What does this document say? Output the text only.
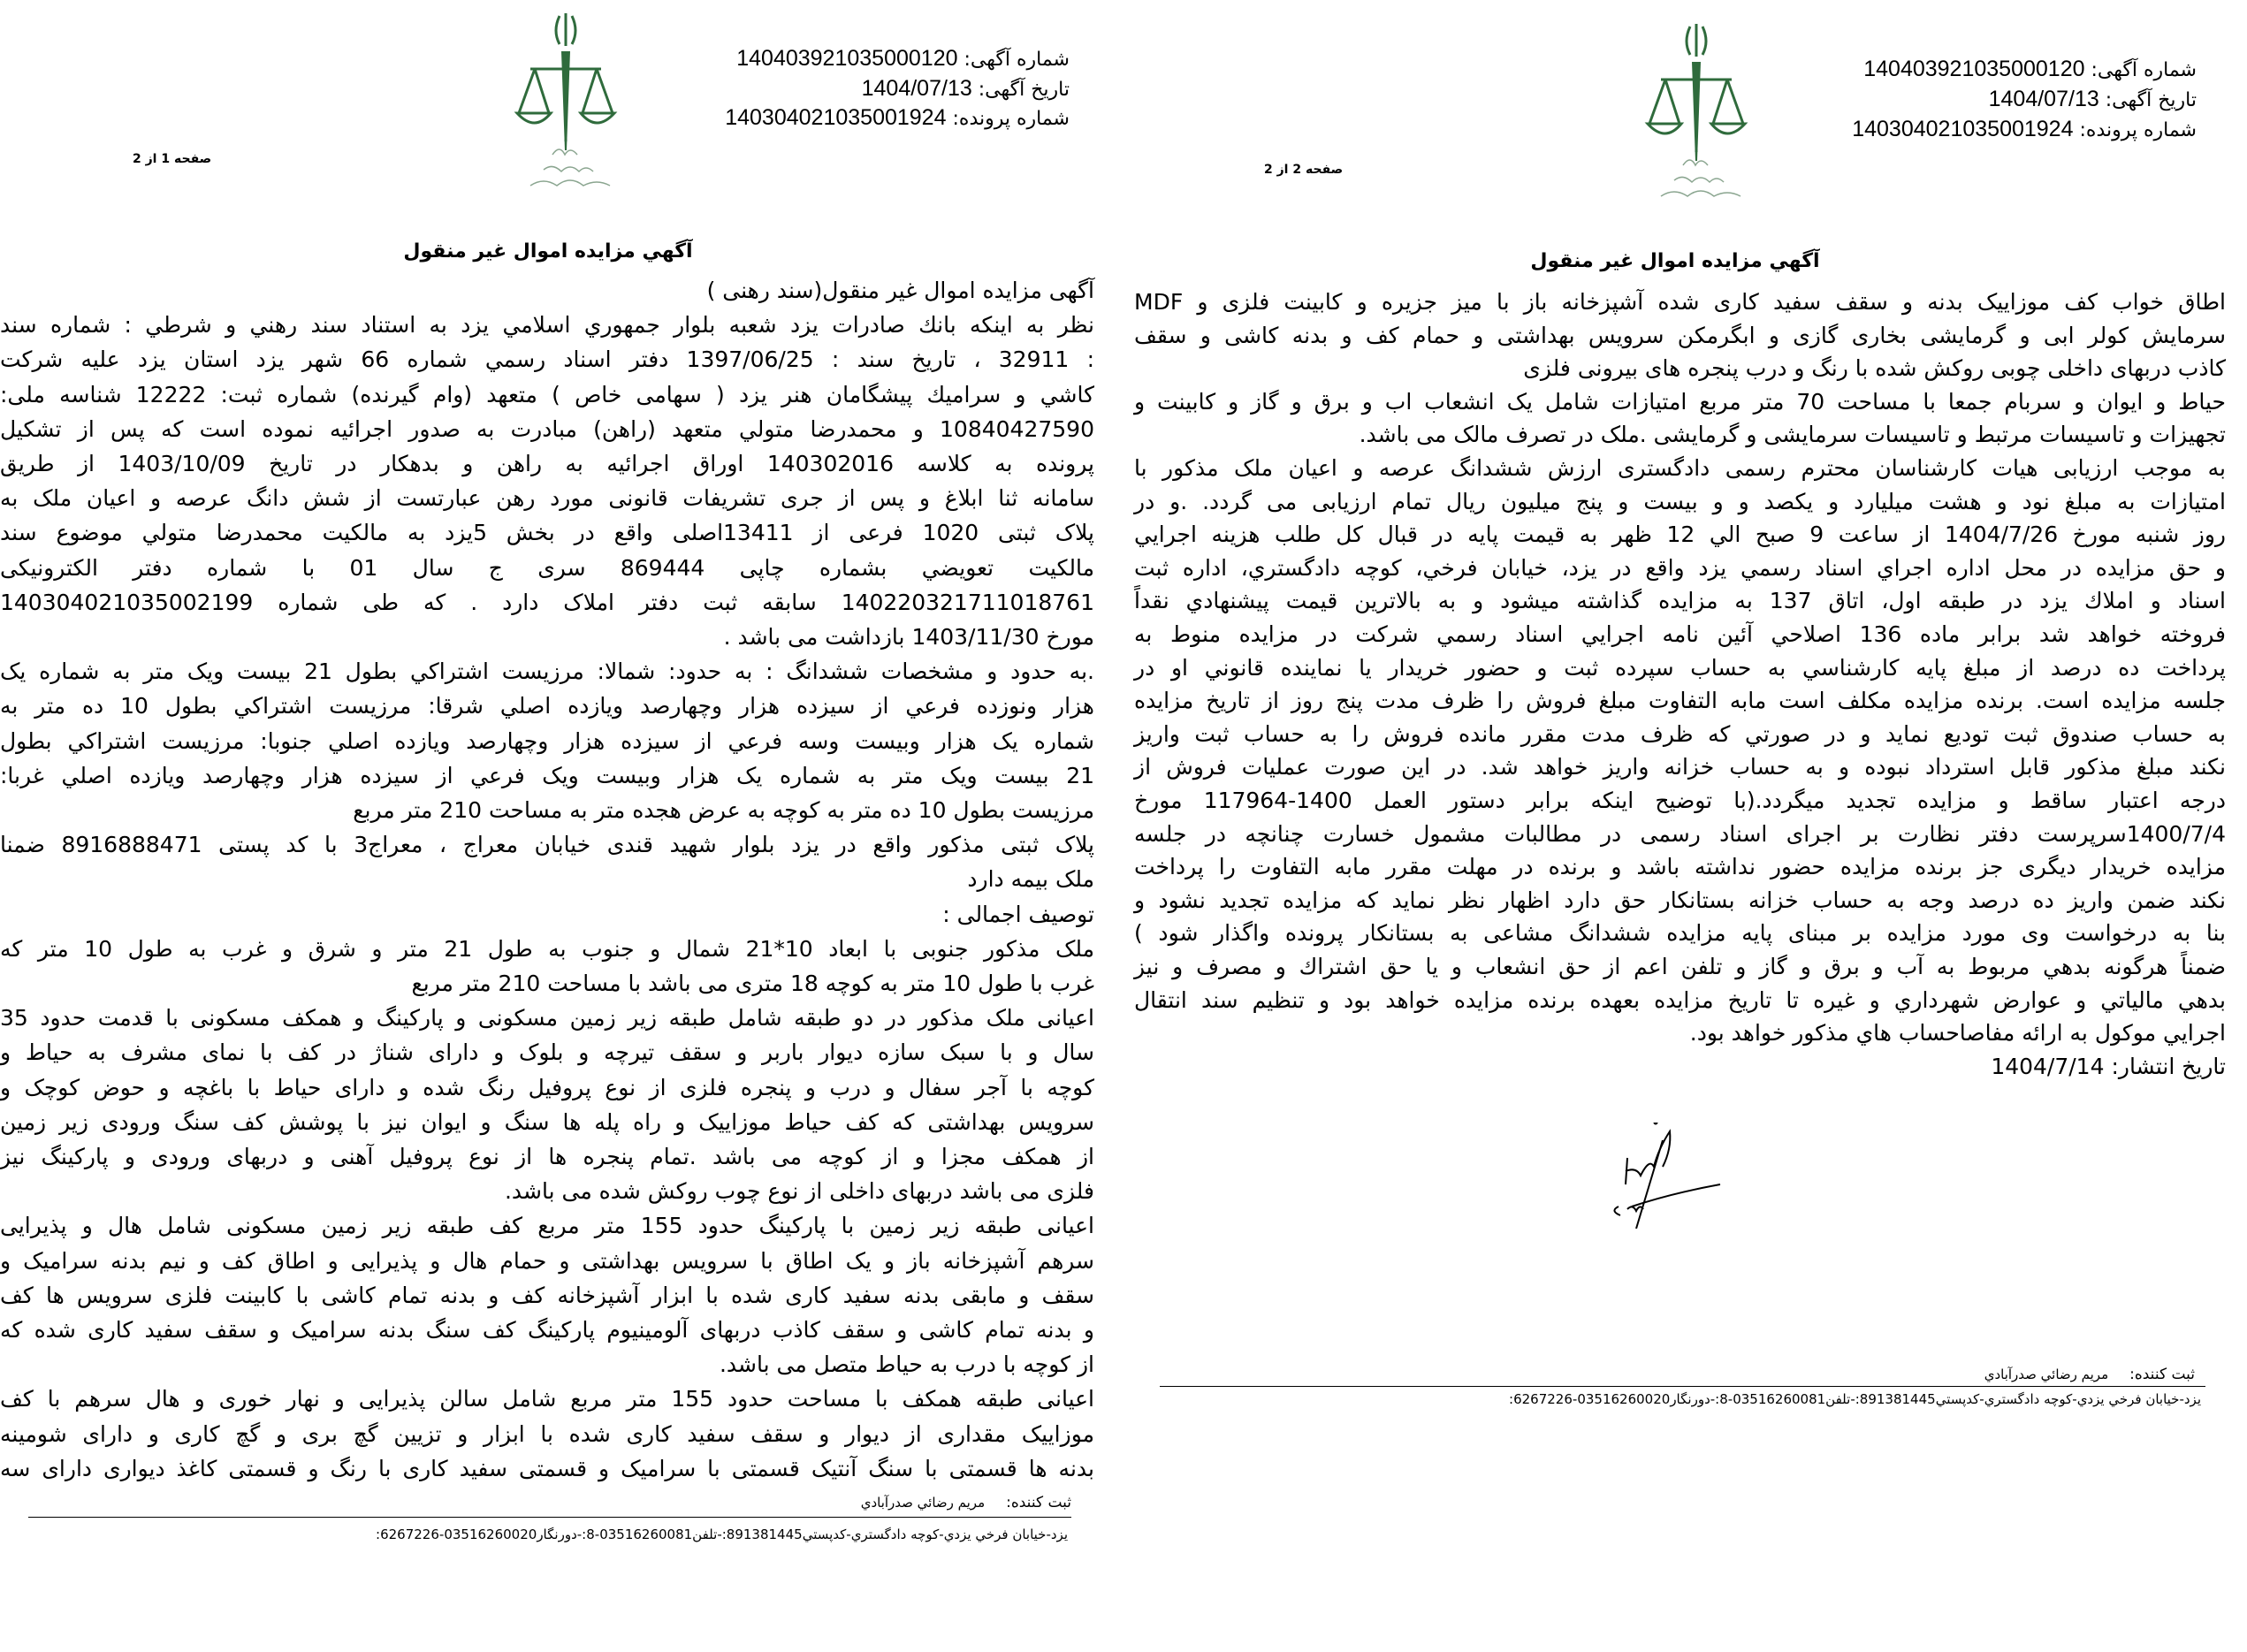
شماره آگهی: 140403921035000120
تاریخ آگهی: 1404/07/13
شماره پرونده: 140304021035001924
صفحه 1 از 2
آگهي مزايده اموال غير منقول
آگهی مزایده اموال غیر منقول(سند رهنی )
نظر به اينكه بانك صادرات يزد شعبه بلوار جمهوري اسلامي يزد به استناد سند رهني و شرطي : شماره سند
: 32911 ، تاريخ سند : 1397/06/25 دفتر اسناد رسمي شماره 66 شهر يزد استان يزد عليه شركت
كاشي و سراميك پيشگامان هنر يزد ( سهامی خاص ) متعهد (وام گيرنده) شماره ثبت: 12222 شناسه ملی:
10840427590 و محمدرضا متولي متعهد (راهن) مبادرت به صدور اجرائيه نموده است كه پس از تشكيل
پرونده به كلاسه 140302016 اوراق اجرائيه به راهن و بدهكار در تاريخ 1403/10/09 از طريق
سامانه ثنا ابلاغ و پس از جری تشریفات قانونی مورد رهن عبارتست از شش دانگ عرصه و اعیان ملک به
پلاک ثبتی 1020 فرعی از 13411اصلی واقع در بخش 5یزد به مالکیت محمدرضا متولي موضوع سند
مالکیت تعویضي بشماره چاپی 869444 سری ج سال 01 با شماره دفتر الکترونیکی
140220321711018761 سابقه ثبت دفتر املاک دارد . که طی شماره 140304021035002199
مورخ 1403/11/30 بازداشت می باشد .
.به حدود و مشخصات ششدانگ : به حدود: شمالا: مرزيست اشتراكي بطول 21 بيست ويک متر به شماره يک
هزار ونوزده فرعي از سيزده هزار وچهارصد ويازده اصلي شرقا: مرزيست اشتراكي بطول 10 ده متر به
شماره يک هزار وبيست وسه فرعي از سيزده هزار وچهارصد ويازده اصلي جنوبا: مرزيست اشتراكي بطول
21 بيست ويک متر به شماره يک هزار وبيست ويک فرعي از سيزده هزار وچهارصد ويازده اصلي غربا:
مرزيست بطول 10 ده متر به كوچه به عرض هجده متر به مساحت 210 متر مربع
پلاک ثبتی مذکور واقع در یزد بلوار شهید قندی خیابان معراج ، معراج3 با کد پستی 8916888471 ضمنا
ملک بیمه دارد
توصیف اجمالی :
ملک مذکور جنوبی با ابعاد 10*21 شمال و جنوب به طول 21 متر و شرق و غرب به طول 10 متر که
غرب با طول 10 متر به کوچه 18 متری می باشد با مساحت 210 متر مربع
اعیانی ملک مذکور در دو طبقه شامل طبقه زیر زمین مسکونی و پارکینگ و همکف مسکونی با قدمت حدود 35
سال و با سبک سازه دیوار باربر و سقف تیرچه و بلوک و دارای شناژ در کف با نمای مشرف به حیاط و
کوچه با آجر سفال و درب و پنجره فلزی از نوع پروفیل رنگ شده و دارای حیاط با باغچه و حوض کوچک و
سرویس بهداشتی که کف حیاط موزاییک و راه پله ها سنگ و ایوان نیز با پوشش کف سنگ ورودی زیر زمین
از همکف مجزا و از کوچه می باشد .تمام پنجره ها از نوع پروفیل آهنی و دربهای ورودی و پارکینگ نیز
فلزی می باشد دربهای داخلی از نوع چوب روکش شده می باشد.
اعیانی طبقه زیر زمین با پارکینگ حدود 155 متر مربع کف طبقه زیر زمین مسکونی شامل هال و پذیرایی
سرهم آشپزخانه باز و یک اطاق با سرویس بهداشتی و حمام هال و پذیرایی و اطاق کف و نیم بدنه سرامیک و
سقف و مابقی بدنه سفید کاری شده با ابزار آشپزخانه کف و بدنه تمام کاشی با کابینت فلزی سرویس ها کف
و بدنه تمام کاشی و سقف کاذب دربهای آلومینیوم پارکینگ کف سنگ بدنه سرامیک و سقف سفید کاری شده که
از کوچه با درب به حیاط متصل می باشد.
اعیانی طبقه همکف با مساحت حدود 155 متر مربع شامل سالن پذیرایی و نهار خوری و هال سرهم با کف
موزاییک مقداری از دیوار و سقف سفید کاری شده با ابزار و تزیین گچ بری و گچ کاری و دارای شومینه
بدنه ها قسمتی با سنگ آنتیک قسمتی با سرامیک و قسمتی سفید کاری با رنگ و قسمتی کاغذ دیواری دارای سه
ثبت کننده:مریم رضائي صدرآبادي
يزد-خيابان فرخي يزدي-كوچه دادگستري-كدپستي891381445:-تلفن03516260081-8:-دورنگار03516260020-6267226:
شماره آگهی: 140403921035000120
تاریخ آگهی: 1404/07/13
شماره پرونده: 140304021035001924
صفحه 2 از 2
آگهي مزايده اموال غير منقول
اطاق خواب کف موزاییک بدنه و سقف سفید کاری شده آشپزخانه باز با میز جزیره و کابینت فلزی و MDF
سرمایش کولر ابی و گرمایشی بخاری گازی و ابگرمکن سرویس بهداشتی و حمام کف و بدنه کاشی و سقف
کاذب دربهای داخلی چوبی روکش شده با رنگ و درب پنجره های بیرونی فلزی
حیاط و ایوان و سربام جمعا با مساحت 70 متر مربع امتیازات شامل یک انشعاب اب و برق و گاز و کابینت و
تجهیزات و تاسیسات مرتبط و تاسیسات سرمایشی و گرمایشی .ملک در تصرف مالک می باشد.
به موجب ارزیابی هیات کارشناسان محترم رسمی دادگستری ارزش ششدانگ عرصه و اعیان ملک مذکور با
امتیازات به مبلغ نود و هشت میلیارد و یکصد و و بیست و پنج میلیون ریال تمام ارزیابی می گردد. .و در
روز شنبه مورخ 1404/7/26 از ساعت 9 صبح الي 12 ظهر به قيمت پايه در قبال كل طلب هزينه اجرايي
و حق مزايده در محل اداره اجراي اسناد رسمي يزد واقع در يزد، خيابان فرخي، كوچه دادگستري، اداره ثبت
اسناد و املاك يزد در طبقه اول، اتاق 137 به مزايده گذاشته ميشود و به بالاترين قيمت پيشنهادي نقداً
فروخته خواهد شد برابر ماده 136 اصلاحي آئين نامه اجرايي اسناد رسمي شركت در مزايده منوط به
پرداخت ده درصد از مبلغ پايه كارشناسي به حساب سپرده ثبت و حضور خريدار يا نماينده قانوني او در
جلسه مزايده است. برنده مزايده مكلف است مابه التفاوت مبلغ فروش را ظرف مدت پنج روز از تاريخ مزايده
به حساب صندوق ثبت توديع نمايد و در صورتي كه ظرف مدت مقرر مانده فروش را به حساب ثبت واريز
نكند مبلغ مذكور قابل استرداد نبوده و به حساب خزانه واريز خواهد شد. در اين صورت عمليات فروش از
درجه اعتبار ساقط و مزايده تجديد ميگردد.(با توضيح اينكه برابر دستور العمل 1400-117964 مورخ
1400/7/4سرپرست دفتر نظارت بر اجرای اسناد رسمی در مطالبات مشمول خسارت چنانچه در جلسه
مزایده خریدار دیگری جز برنده مزایده حضور نداشته باشد و برنده در مهلت مقرر مابه التفاوت را پرداخت
نکند ضمن واریز ده درصد وجه به حساب خزانه بستانکار حق دارد اظهار نظر نماید که مزایده تجدید نشود و
بنا به درخواست وی مورد مزایده بر مبنای پایه مزایده ششدانگ مشاعی به بستانکار پرونده واگذار شود )
ضمناً هرگونه بدهي مربوط به آب و برق و گاز و تلفن اعم از حق انشعاب و يا حق اشتراك و مصرف و نيز
بدهي مالياتي و عوارض شهرداري و غيره تا تاريخ مزايده بعهده برنده مزايده خواهد بود و تنظيم سند انتقال
اجرايي موكول به ارائه مفاصاحساب هاي مذكور خواهد بود.
تاريخ انتشار: 1404/7/14
ثبت کننده:مریم رضائي صدرآبادي
يزد-خيابان فرخي يزدي-كوچه دادگستري-كدپستي891381445:-تلفن03516260081-8:-دورنگار03516260020-6267226:
